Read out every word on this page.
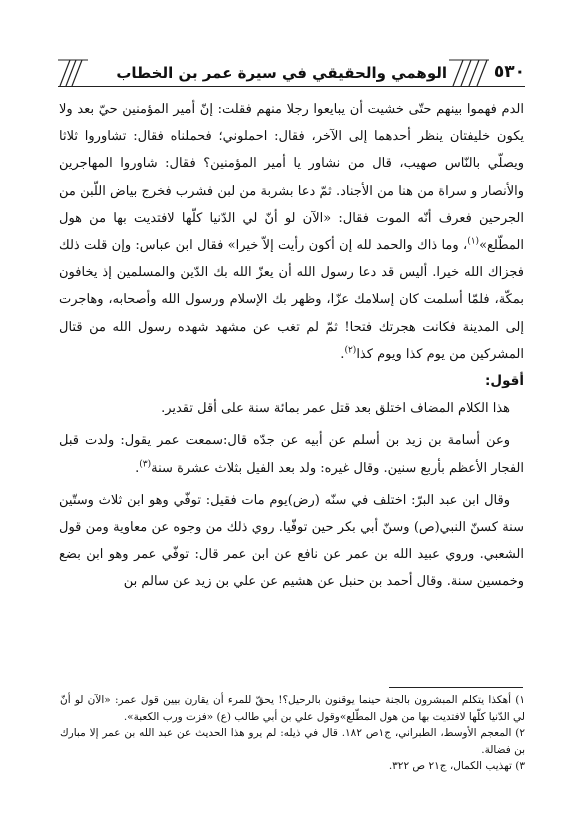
الوهمي والحقيقي في سيرة عمر بن الخطاب	٥٣٠

الدم فهموا بينهم حتّى خشيت أن يبايعوا رجلا منهم فقلت: إنّ أمير المؤمنين حيّ بعد ولا يكون خليفتان ينظر أحدهما إلى الآخر، فقال: احملوني؛ فحملناه فقال: تشاوروا ثلاثا ويصلّي بالنّاس صهيب، قال من نشاور يا أمير المؤمنين؟ فقال: شاوروا المهاجرين والأنصار و سراة من هنا من الأجناد. ثمّ دعا بشربة من لبن فشرب فخرج بياض اللّبن من الجرحين فعرف أنّه الموت فقال: «الآن لو أنّ لي الدّنيا كلّها لافتديت بها من هول المطّلع»$^{(١)}$، وما ذاك والحمد لله إن أكون رأيت إلاّ خيرا» فقال ابن عباس: وإن قلت ذلك فجزاك الله خيرا. أليس قد دعا رسول الله أن يعزّ الله بك الدّين والمسلمين إذ يخافون بمكّة، فلمّا أسلمت كان إسلامك عزّا، وظهر بك الإسلام ورسول الله وأصحابه، وهاجرت إلى المدينة فكانت هجرتك فتحا! ثمّ لم تغب عن مشهد شهده رسول الله من قتال المشركين من يوم كذا ويوم كذا$^{(٢)}$.

أقول:

هذا الكلام المضاف اختلق بعد قتل عمر بمائة سنة على أقل تقدير.

وعن أسامة بن زيد بن أسلم عن أبيه عن جدّه قال:سمعت عمر يقول: ولدت قبل الفجار الأعظم بأربع سنين. وقال غيره: ولد بعد الفيل بثلاث عشرة سنة$^{(٣)}$.

وقال ابن عبد البرّ: اختلف في سنّه (رض)يوم مات فقيل: توفّي وهو ابن ثلاث وستّين سنة كسنّ النبي(ص) وسنّ أبي بكر حين توفّيا. روي ذلك من وجوه عن معاوية ومن قول الشعبي. وروي عبيد الله بن عمر عن نافع عن ابن عمر قال: توفّي عمر وهو ابن بضع وخمسين سنة. وقال أحمد بن حنبل عن هشيم عن علي بن زيد عن سالم بن

١) أهكذا يتكلم المبشرون بالجنة حينما يوقنون بالرحيل؟! يحقّ للمرء أن يقارن بيين قول عمر: «الآن لو أنّ لي الدّنيا كلّها لافتديت بها من هول المطّلع»وقول علي بن أبي طالب (ع) «فزت ورب الكعبة».

٢) المعجم الأوسط، الطبراني، ج١ص ١٨٢. قال في ذيله: لم يرو هذا الحديث عن عبد الله بن عمر إلا مبارك بن فضالة.

٣) تهذيب الكمال، ج٢١ ص ٣٢٢.
